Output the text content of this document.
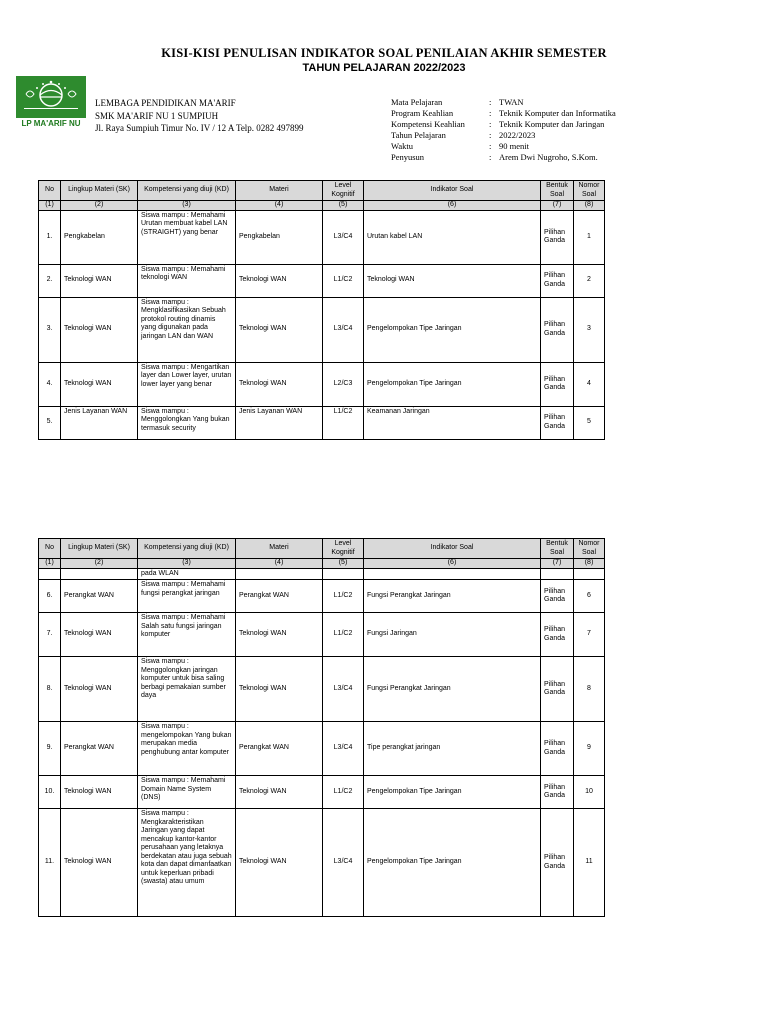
KISI-KISI PENULISAN INDIKATOR SOAL PENILAIAN AKHIR SEMESTER
TAHUN PELAJARAN 2022/2023
LP MA'ARIF NU
LEMBAGA PENDIDIKAN MA'ARIF
SMK MA'ARIF NU 1 SUMPIUH
Jl. Raya Sumpiuh Timur No. IV / 12 A Telp. 0282 497899
Mata Pelajaran	: TWAN
Program Keahlian	: Teknik Komputer dan Informatika
Kompetensi Keahlian	: Teknik Komputer dan Jaringan
Tahun Pelajaran	: 2022/2023
Waktu	: 90 menit
Penyusun	: Arem Dwi Nugroho, S.Kom.
No	Lingkup Materi (SK)	Kompetensi yang diuji (KD)	Materi	Level Kognitif	Indikator Soal	Bentuk Soal	Nomor Soal
(1)	(2)	(3)	(4)	(5)	(6)	(7)	(8)
1.	Pengkabelan	Siswa mampu : Memahami Urutan membuat kabel LAN (STRAIGHT) yang benar	Pengkabelan	L3/C4	Urutan kabel LAN	Pilihan Ganda	1
2.	Teknologi WAN	Siswa mampu : Memahami teknologi WAN	Teknologi WAN	L1/C2	Teknologi WAN	Pilihan Ganda	2
3.	Teknologi WAN	Siswa mampu : Mengklasifikasikan Sebuah protokol routing dinamis yang digunakan pada jaringan LAN dan WAN	Teknologi WAN	L3/C4	Pengelompokan Tipe Jaringan	Pilihan Ganda	3
4.	Teknologi WAN	Siswa mampu : Mengartikan layer dan Lower layer, urutan lower layer yang benar	Teknologi WAN	L2/C3	Pengelompokan Tipe Jaringan	Pilihan Ganda	4
5.	Jenis Layanan WAN	Siswa mampu : Menggolongkan Yang bukan termasuk security	Jenis Layanan WAN	L1/C2	Keamanan Jaringan	Pilihan Ganda	5
No	Lingkup Materi (SK)	Kompetensi yang diuji (KD)	Materi	Level Kognitif	Indikator Soal	Bentuk Soal	Nomor Soal
(1)	(2)	(3)	(4)	(5)	(6)	(7)	(8)
		pada WLAN					
6.	Perangkat WAN	Siswa mampu : Memahami fungsi perangkat jaringan	Perangkat WAN	L1/C2	Fungsi Perangkat Jaringan	Pilihan Ganda	6
7.	Teknologi WAN	Siswa mampu : Memahami Salah satu fungsi jaringan komputer	Teknologi WAN	L1/C2	Fungsi Jaringan	Pilihan Ganda	7
8.	Teknologi WAN	Siswa mampu : Menggolongkan jaringan komputer untuk bisa saling berbagi pemakaian sumber daya	Teknologi WAN	L3/C4	Fungsi Perangkat Jaringan	Pilihan Ganda	8
9.	Perangkat WAN	Siswa mampu : mengelompokan Yang bukan merupakan media penghubung antar komputer	Perangkat WAN	L3/C4	Tipe perangkat jaringan	Pilihan Ganda	9
10.	Teknologi WAN	Siswa mampu : Memahami Domain Name System (DNS)	Teknologi WAN	L1/C2	Pengelompokan Tipe Jaringan	Pilihan Ganda	10
11.	Teknologi WAN	Siswa mampu : Mengkarakteristikan Jaringan yang dapat mencakup kantor-kantor perusahaan yang letaknya berdekatan atau juga sebuah kota dan dapat dimanfaatkan untuk keperluan pribadi (swasta) atau umum	Teknologi WAN	L3/C4	Pengelompokan Tipe Jaringan	Pilihan Ganda	11
